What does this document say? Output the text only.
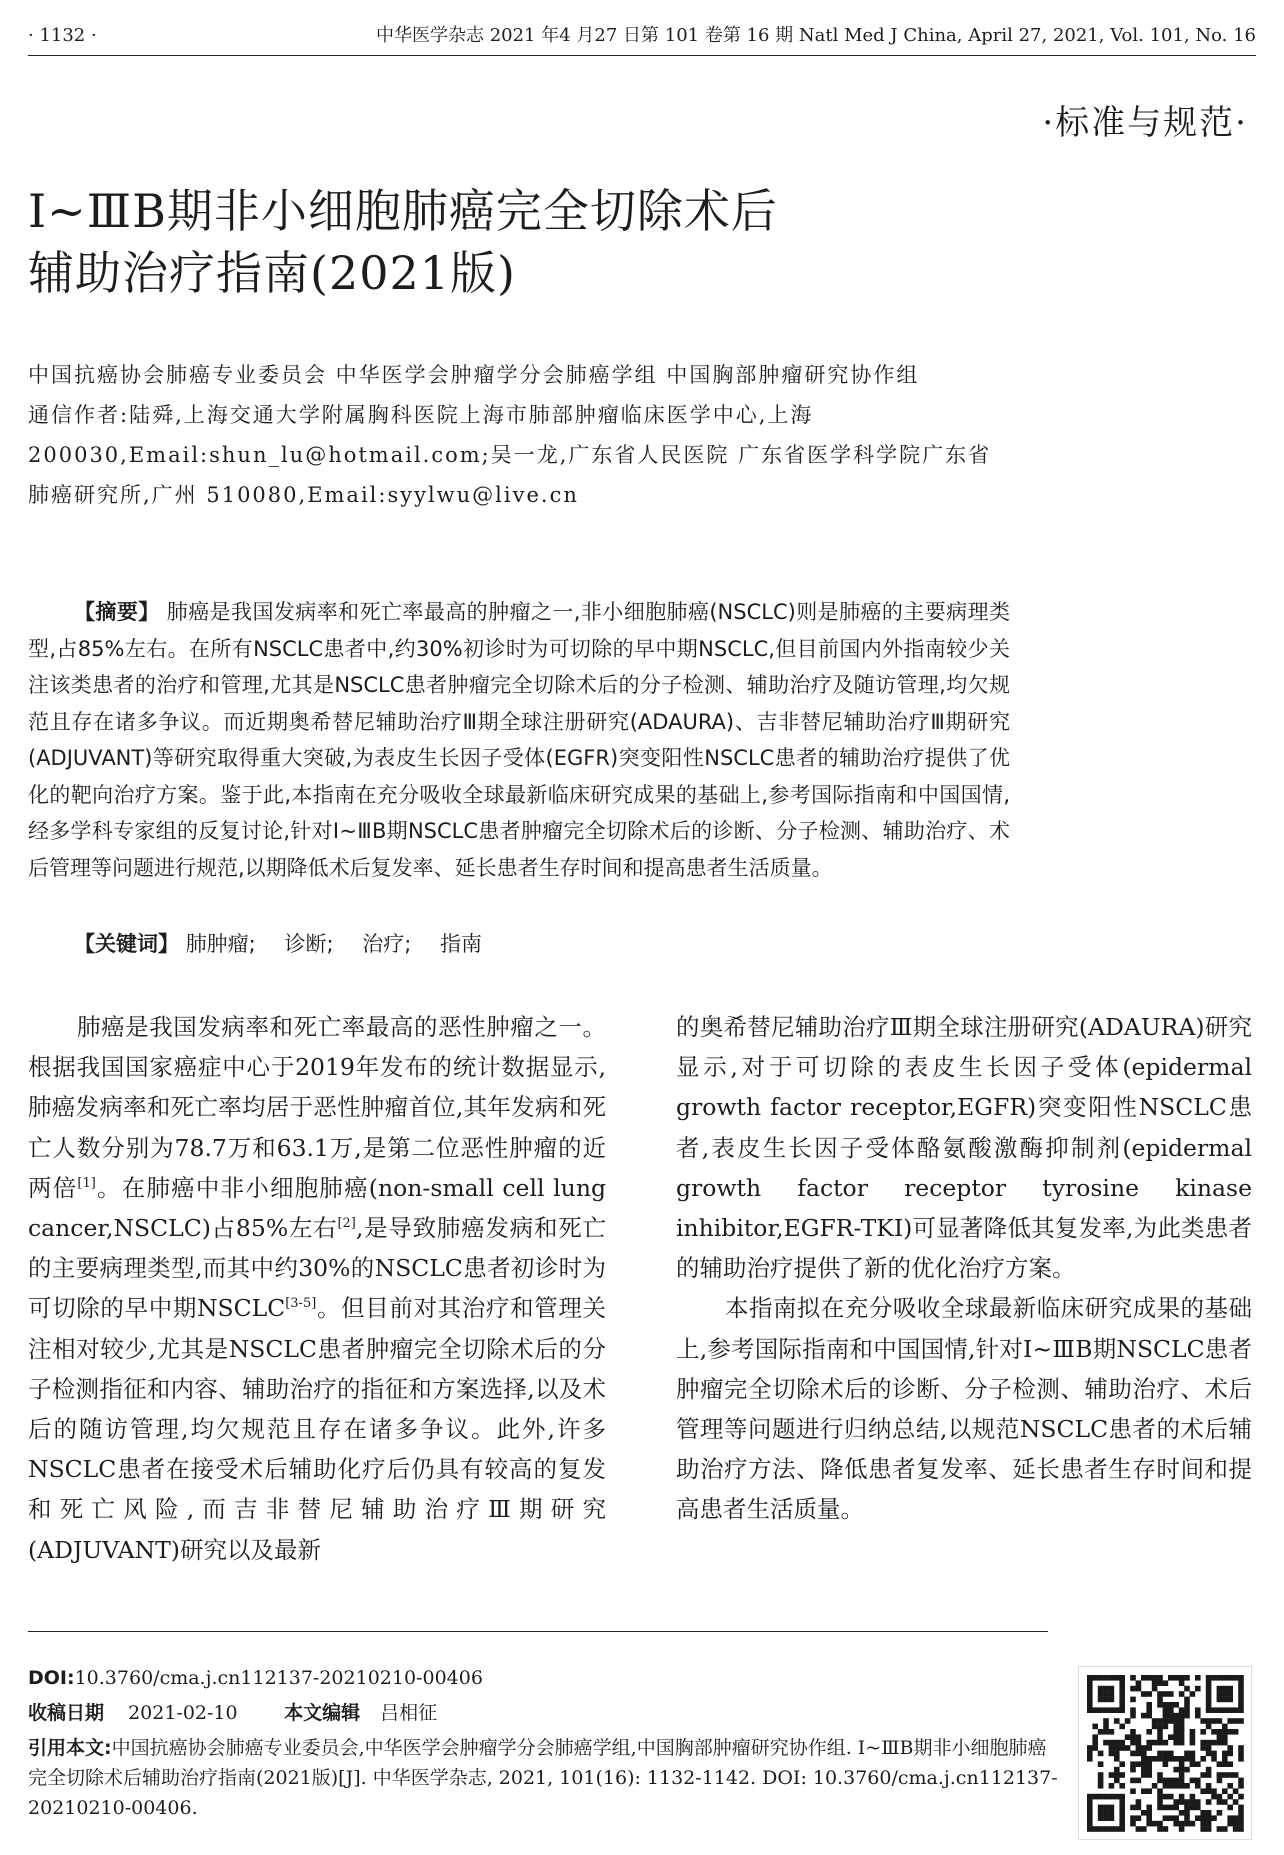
· 1132 ·	中华医学杂志 2021 年4 月27 日第 101 卷第 16 期 Natl Med J China, April 27, 2021, Vol. 101, No. 16
·标准与规范·
Ⅰ~ⅢB期非小细胞肺癌完全切除术后
辅助治疗指南(2021版)
中国抗癌协会肺癌专业委员会 中华医学会肿瘤学分会肺癌学组 中国胸部肿瘤研究协作组
通信作者:陆舜,上海交通大学附属胸科医院上海市肺部肿瘤临床医学中心,上海 200030,Email:shun_lu@hotmail.com;吴一龙,广东省人民医院 广东省医学科学院广东省肺癌研究所,广州 510080,Email:syylwu@live.cn
【摘要】 肺癌是我国发病率和死亡率最高的肿瘤之一,非小细胞肺癌(NSCLC)则是肺癌的主要病理类型,占85%左右。在所有NSCLC患者中,约30%初诊时为可切除的早中期NSCLC,但目前国内外指南较少关注该类患者的治疗和管理,尤其是NSCLC患者肿瘤完全切除术后的分子检测、辅助治疗及随访管理,均欠规范且存在诸多争议。而近期奥希替尼辅助治疗Ⅲ期全球注册研究(ADAURA)、吉非替尼辅助治疗Ⅲ期研究(ADJUVANT)等研究取得重大突破,为表皮生长因子受体(EGFR)突变阳性NSCLC患者的辅助治疗提供了优化的靶向治疗方案。鉴于此,本指南在充分吸收全球最新临床研究成果的基础上,参考国际指南和中国国情,经多学科专家组的反复讨论,针对Ⅰ~ⅢB期NSCLC患者肿瘤完全切除术后的诊断、分子检测、辅助治疗、术后管理等问题进行规范,以期降低术后复发率、延长患者生存时间和提高患者生活质量。
【关键词】 肺肿瘤; 诊断; 治疗; 指南

肺癌是我国发病率和死亡率最高的恶性肿瘤之一。根据我国国家癌症中心于2019年发布的统计数据显示,肺癌发病率和死亡率均居于恶性肿瘤首位,其年发病和死亡人数分别为78.7万和63.1万,是第二位恶性肿瘤的近两倍[1]。在肺癌中非小细胞肺癌(non-small cell lung cancer,NSCLC)占85%左右[2],是导致肺癌发病和死亡的主要病理类型,而其中约30%的NSCLC患者初诊时为可切除的早中期NSCLC[3-5]。但目前对其治疗和管理关注相对较少,尤其是NSCLC患者肿瘤完全切除术后的分子检测指征和内容、辅助治疗的指征和方案选择,以及术后的随访管理,均欠规范且存在诸多争议。此外,许多NSCLC患者在接受术后辅助化疗后仍具有较高的复发和死亡风险,而吉非替尼辅助治疗Ⅲ期研究(ADJUVANT)研究以及最新

的奥希替尼辅助治疗Ⅲ期全球注册研究(ADAURA)研究显示,对于可切除的表皮生长因子受体(epidermal growth factor receptor,EGFR)突变阳性NSCLC患者,表皮生长因子受体酪氨酸激酶抑制剂(epidermal growth factor receptor tyrosine kinase inhibitor,EGFR-TKI)可显著降低其复发率,为此类患者的辅助治疗提供了新的优化治疗方案。

本指南拟在充分吸收全球最新临床研究成果的基础上,参考国际指南和中国国情,针对Ⅰ~ⅢB期NSCLC患者肿瘤完全切除术后的诊断、分子检测、辅助治疗、术后管理等问题进行归纳总结,以规范NSCLC患者的术后辅助治疗方法、降低患者复发率、延长患者生存时间和提高患者生活质量。

DOI:10.3760/cma.j.cn112137-20210210-00406
收稿日期 2021-02-10 本文编辑 吕相征
引用本文:中国抗癌协会肺癌专业委员会,中华医学会肿瘤学分会肺癌学组,中国胸部肿瘤研究协作组. Ⅰ~ⅢB期非小细胞肺癌完全切除术后辅助治疗指南(2021版)[J]. 中华医学杂志, 2021, 101(16): 1132-1142. DOI: 10.3760/cma.j.cn112137-20210210-00406.
